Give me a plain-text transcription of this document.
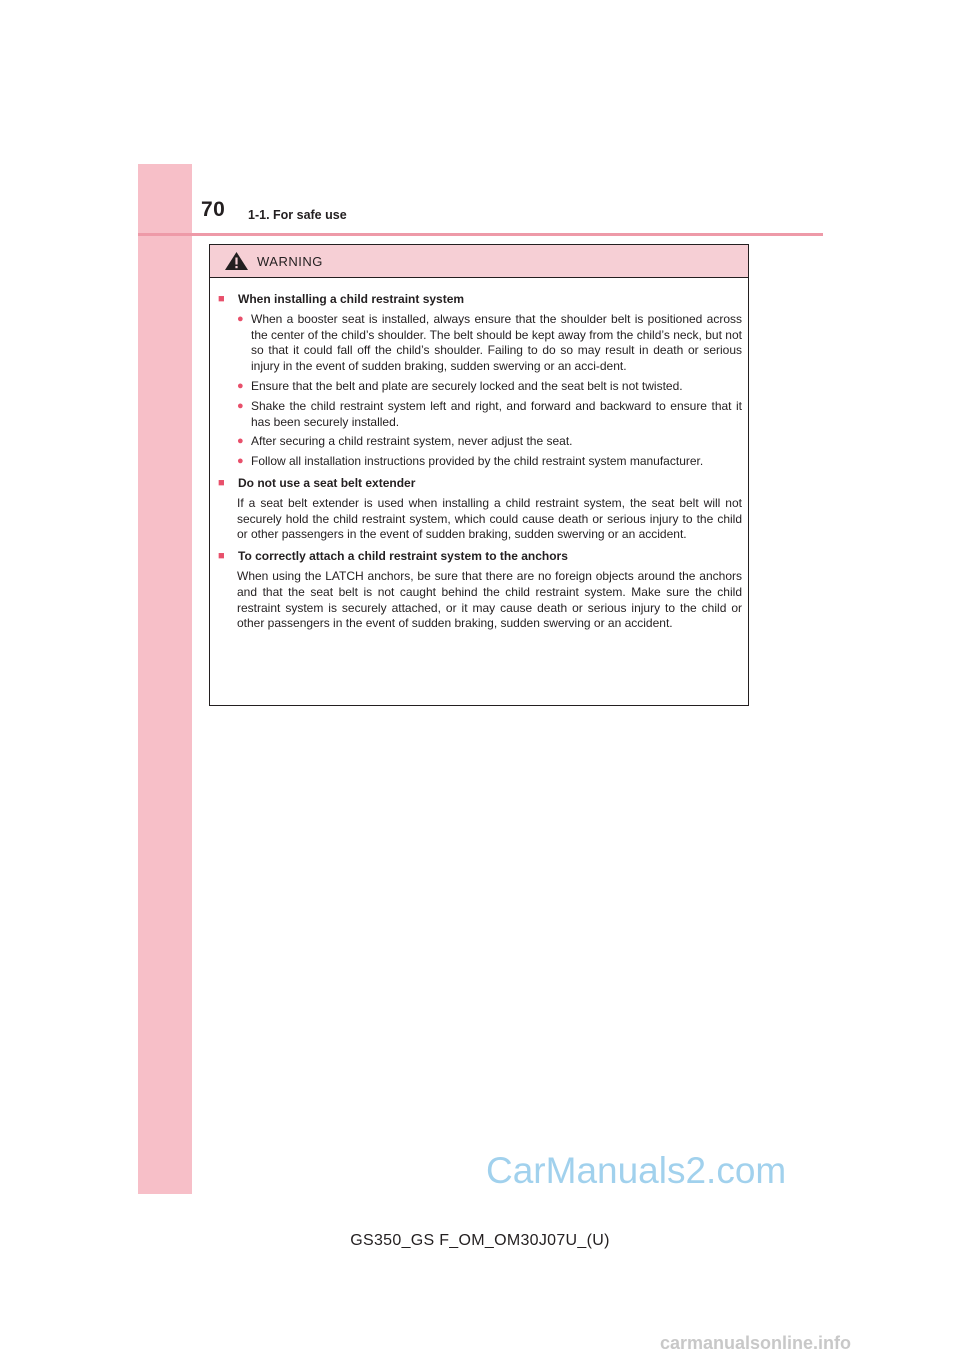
70 1-1. For safe use
WARNING
■	When installing a child restraint system
● When a booster seat is installed, always ensure that the shoulder belt is positioned across the center of the child’s shoulder. The belt should be kept away from the child’s neck, but not so that it could fall off the child’s shoulder. Failing to do so may result in death or serious injury in the event of sudden braking, sudden swerving or an acci-dent.
● Ensure that the belt and plate are securely locked and the seat belt is not twisted.
● Shake the child restraint system left and right, and forward and backward to ensure that it has been securely installed.
● After securing a child restraint system, never adjust the seat.
● Follow all installation instructions provided by the child restraint system manufacturer.
■	Do not use a seat belt extender
If a seat belt extender is used when installing a child restraint system, the seat belt will not securely hold the child restraint system, which could cause death or serious injury to the child or other passengers in the event of sudden braking, sudden swerving or an accident.
■	To correctly attach a child restraint system to the anchors
When using the LATCH anchors, be sure that there are no foreign objects around the anchors and that the seat belt is not caught behind the child restraint system. Make sure the child restraint system is securely attached, or it may cause death or serious injury to the child or other passengers in the event of sudden braking, sudden swerving or an accident.
CarManuals2.com
GS350_GS F_OM_OM30J07U_(U)
carmanualsonline.info
